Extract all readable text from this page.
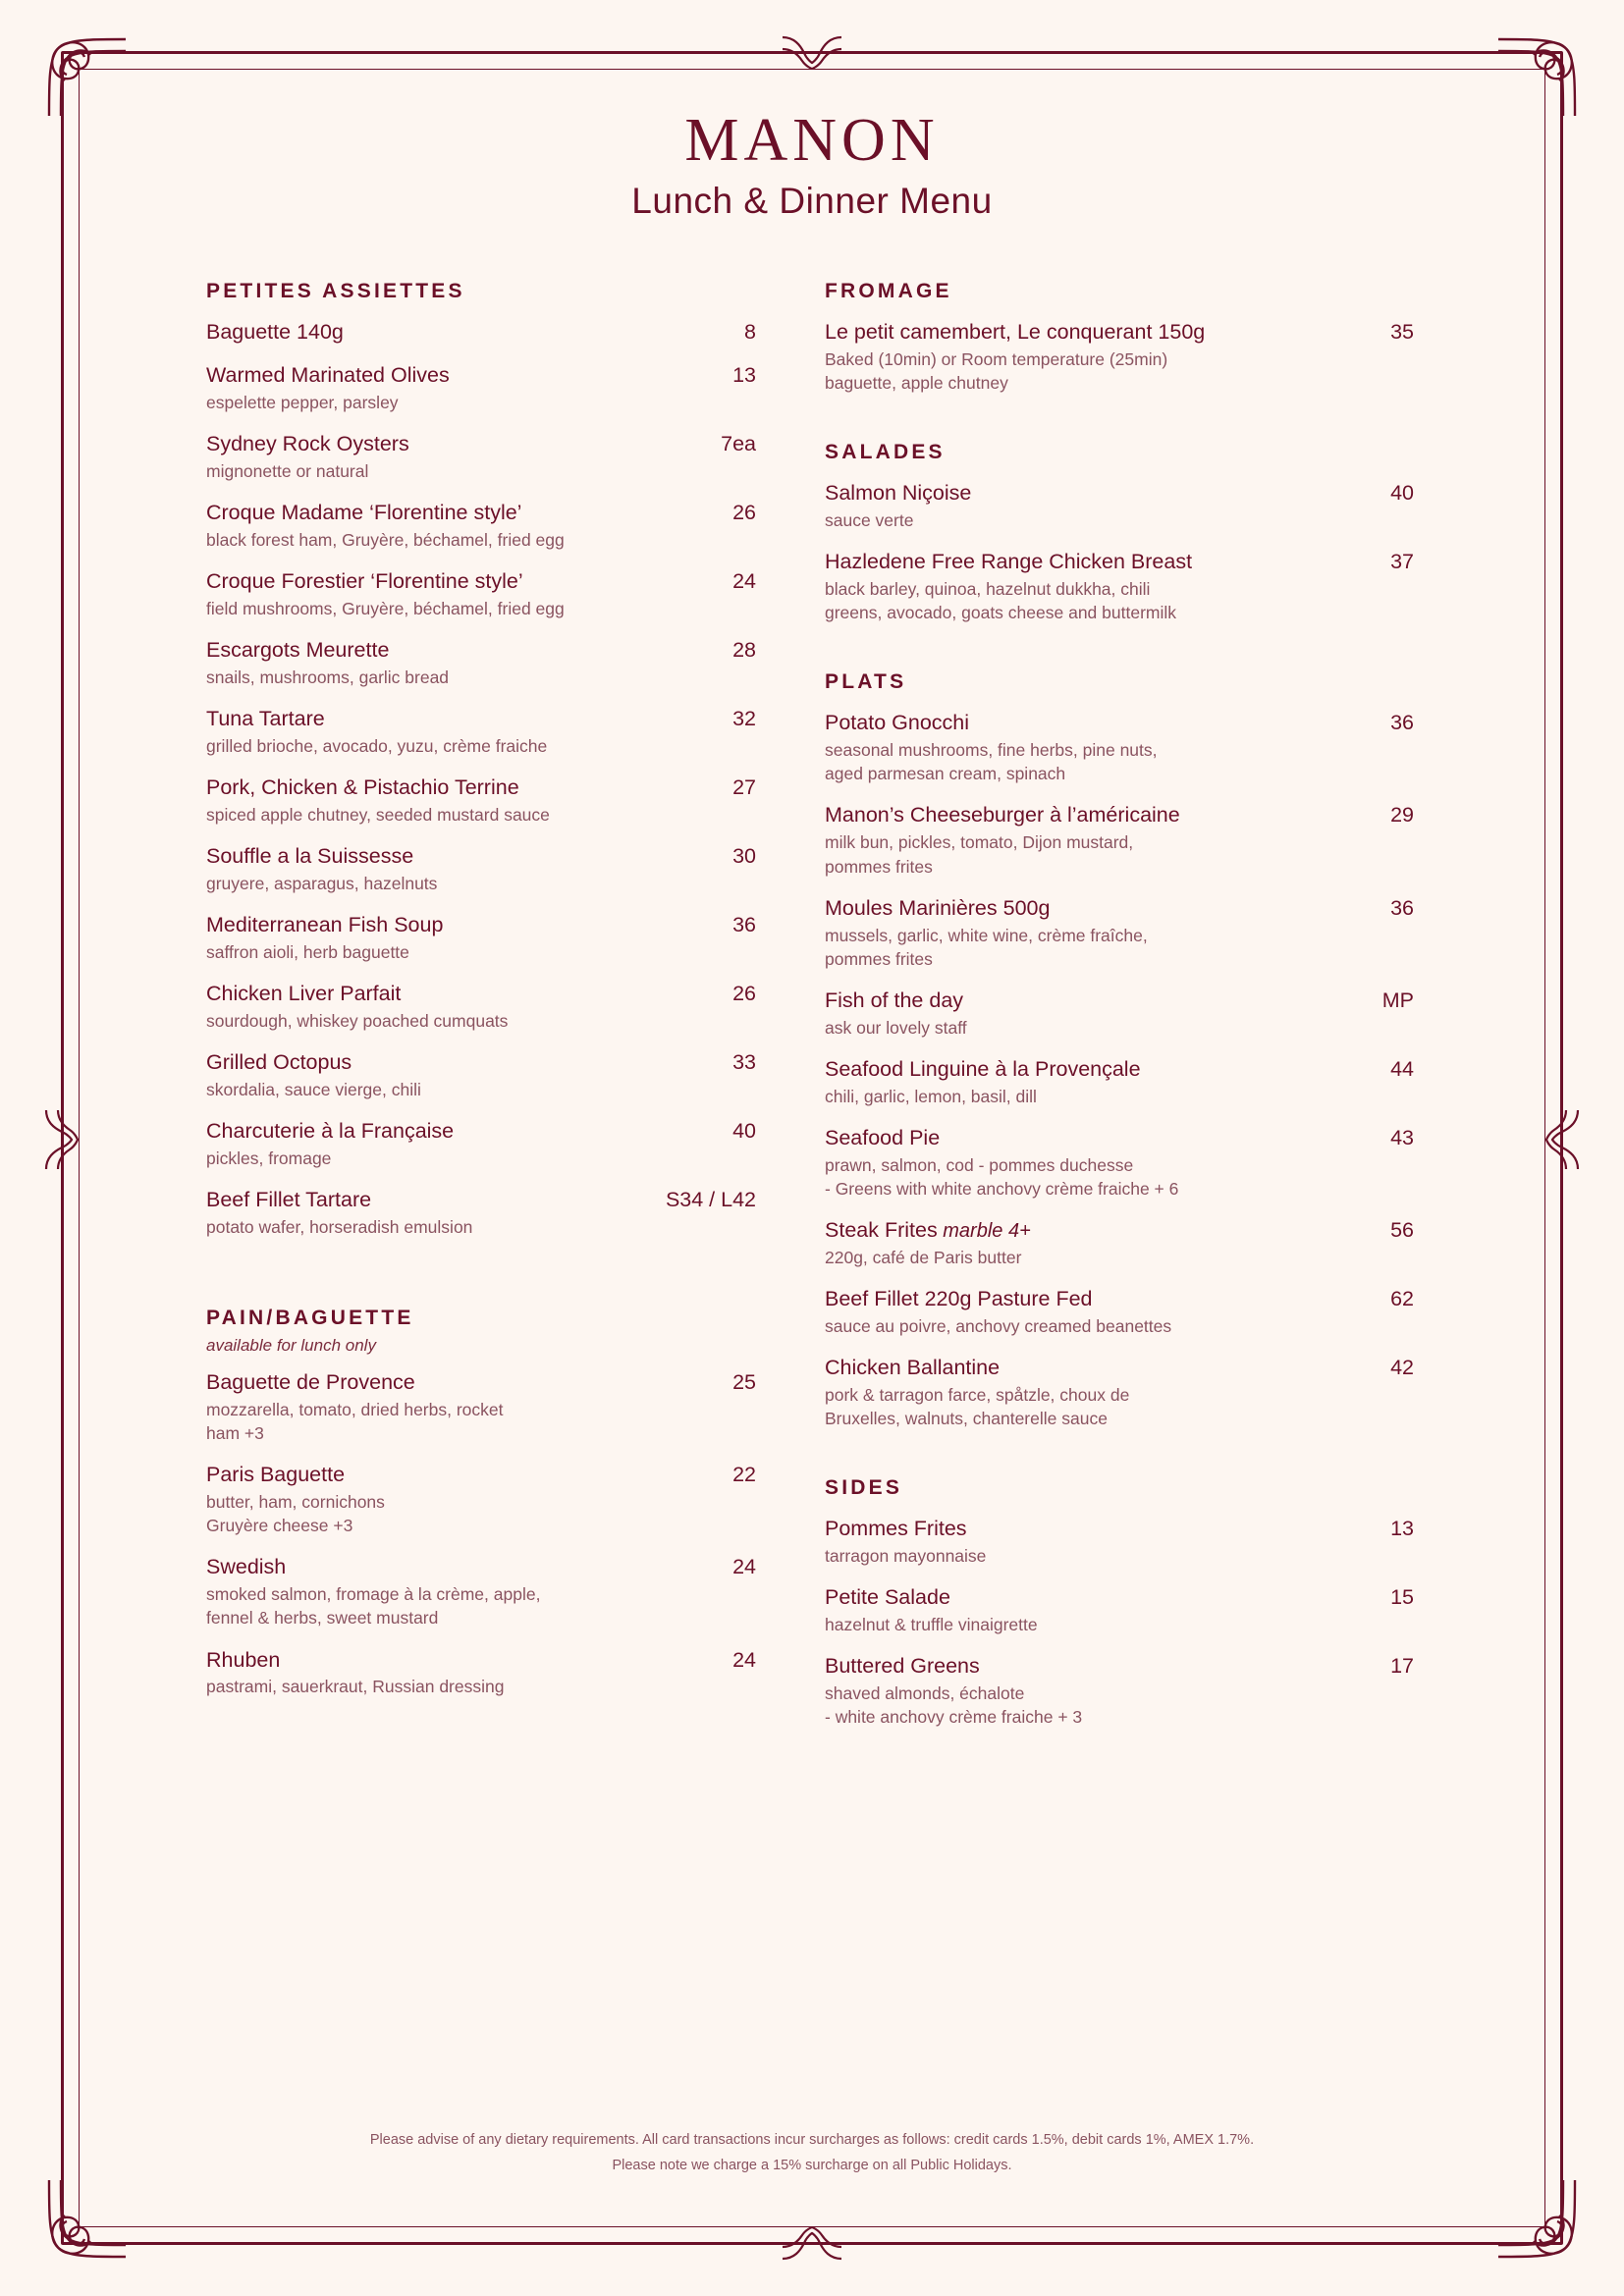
MANON
Lunch & Dinner Menu
PETITES ASSIETTES
Baguette 140g	8
Warmed Marinated Olives	13
espelette pepper, parsley
Sydney Rock Oysters	7ea
mignonette or natural
Croque Madame ‘Florentine style’	26
black forest ham, Gruyère, béchamel, fried egg
Croque Forestier ‘Florentine style’	24
field mushrooms, Gruyère, béchamel, fried egg
Escargots Meurette	28
snails, mushrooms, garlic bread
Tuna Tartare	32
grilled brioche, avocado, yuzu, crème fraiche
Pork, Chicken & Pistachio Terrine	27
spiced apple chutney, seeded mustard sauce
Souffle a la Suissesse	30
gruyere, asparagus, hazelnuts
Mediterranean Fish Soup	36
saffron aioli, herb baguette
Chicken Liver Parfait	26
sourdough, whiskey poached cumquats
Grilled Octopus	33
skordalia, sauce vierge, chili
Charcuterie à la Française	40
pickles, fromage
Beef Fillet Tartare	S34 / L42
potato wafer, horseradish emulsion
PAIN/BAGUETTE
available for lunch only
Baguette de Provence	25
mozzarella, tomato, dried herbs, rocket
ham +3
Paris Baguette	22
butter, ham, cornichons
Gruyère cheese +3
Swedish	24
smoked salmon, fromage à la crème, apple,
fennel & herbs, sweet mustard
Rhuben	24
pastrami, sauerkraut, Russian dressing
FROMAGE
Le petit camembert, Le conquerant 150g	35
Baked (10min) or Room temperature (25min)
baguette, apple chutney
SALADES
Salmon Niçoise	40
sauce verte
Hazledene Free Range Chicken Breast	37
black barley, quinoa, hazelnut dukkha, chili
greens, avocado, goats cheese and buttermilk
PLATS
Potato Gnocchi	36
seasonal mushrooms, fine herbs, pine nuts,
aged parmesan cream, spinach
Manon’s Cheeseburger à l’américaine	29
milk bun, pickles, tomato, Dijon mustard,
pommes frites
Moules Marinières 500g	36
mussels, garlic, white wine, crème fraîche,
pommes frites
Fish of the day	MP
ask our lovely staff
Seafood Linguine à la Provençale	44
chili, garlic, lemon, basil, dill
Seafood Pie	43
prawn, salmon, cod - pommes duchesse
- Greens with white anchovy crème fraiche + 6
Steak Frites marble 4+	56
220g, café de Paris butter
Beef Fillet 220g Pasture Fed	62
sauce au poivre, anchovy creamed beanettes
Chicken Ballantine	42
pork & tarragon farce, spåtzle, choux de
Bruxelles, walnuts, chanterelle sauce
SIDES
Pommes Frites	13
tarragon mayonnaise
Petite Salade	15
hazelnut & truffle vinaigrette
Buttered Greens	17
shaved almonds, échalote
- white anchovy crème fraiche + 3
Please advise of any dietary requirements. All card transactions incur surcharges as follows: credit cards 1.5%, debit cards 1%, AMEX 1.7%.
Please note we charge a 15% surcharge on all Public Holidays.
